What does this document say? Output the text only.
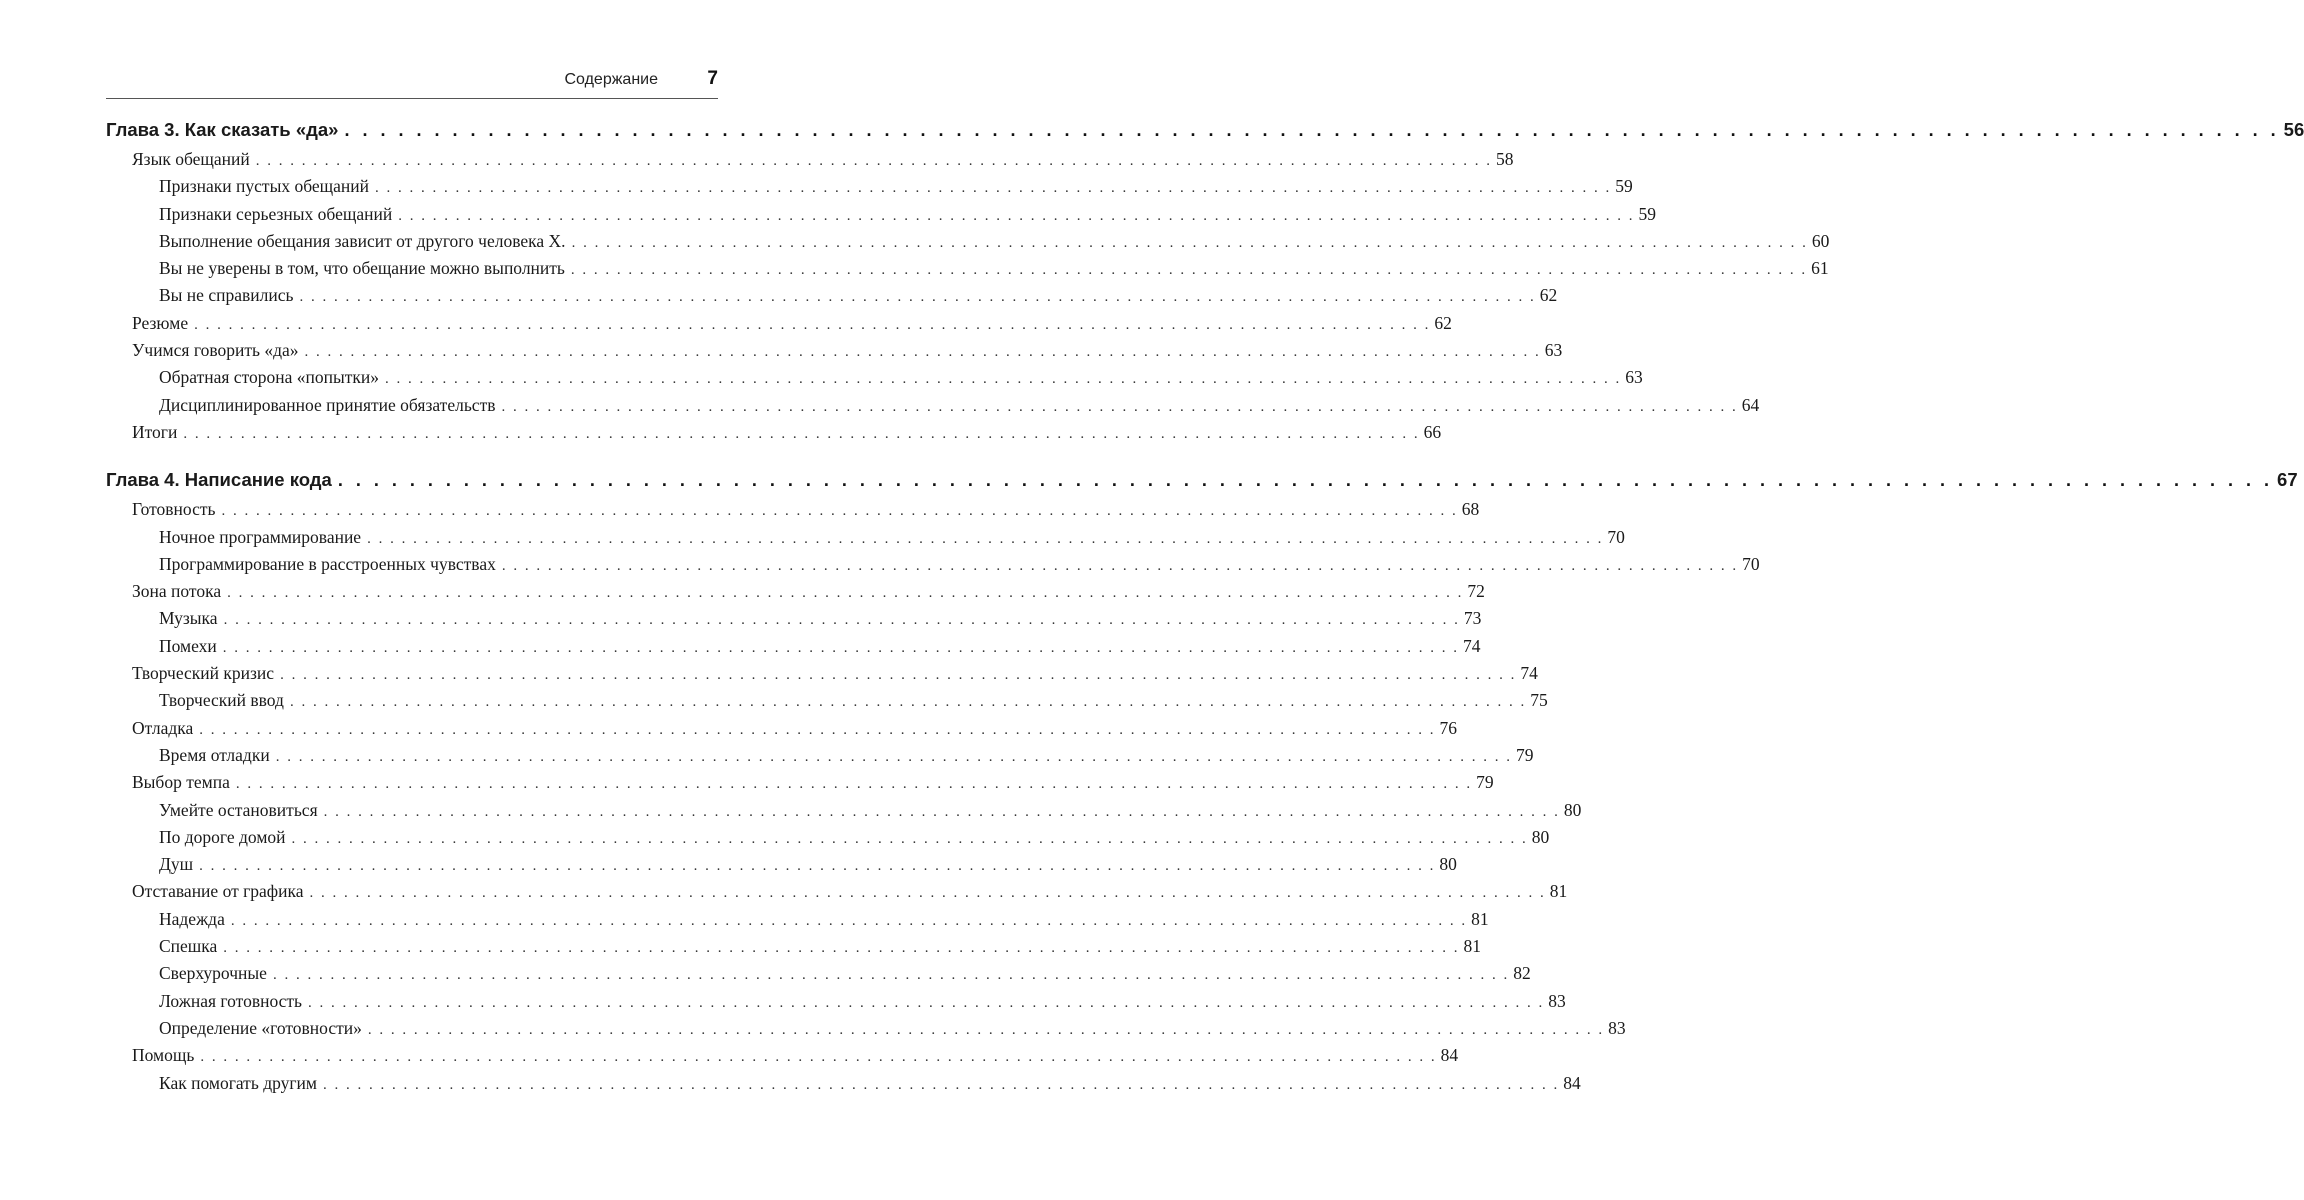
Содержание	7
Глава 3. Как сказать «да» . . . . . . . . . . . . . . . . . . . . . . . . . . . . . . . . . . . . . . . . . . . . . . . . . . . . . . . . . . . . . . . . . . . . . . . . . . . . . . . . . . . . . . . . . . . . . . . . . . . . . . . . . . . . 56
Язык обещаний . . . . . . . . . . . . . . . . . . . . . . . . . . . . . . . . . . . . . . . . . . . . . . . . . . . . . . . . . . . . . . . . . . . . . . . . . . . . . . . . . . . . . . . . . . . . . . . . . . . . . . . . . . . . 58
Признаки пустых обещаний . . . . . . . . . . . . . . . . . . . . . . . . . . . . . . . . . . . . . . . . . . . . . . . . . . . . . . . . . . . . . . . . . . . . . . . . . . . . . . . . . . . . . . . . . . . . . . . . . . . . . . . . . . . . 59
Признаки серьезных обещаний . . . . . . . . . . . . . . . . . . . . . . . . . . . . . . . . . . . . . . . . . . . . . . . . . . . . . . . . . . . . . . . . . . . . . . . . . . . . . . . . . . . . . . . . . . . . . . . . . . . . . . . . . . . . 59
Выполнение обещания зависит от другого человека X. . . . . . . . . . . . . . . . . . . . . . . . . . . . . . . . . . . . . . . . . . . . . . . . . . . . . . . . . . . . . . . . . . . . . . . . . . . . . . . . . . . . . . . . . . . . . . . . . . . . . . . . . . . . . 60
Вы не уверены в том, что обещание можно выполнить . . . . . . . . . . . . . . . . . . . . . . . . . . . . . . . . . . . . . . . . . . . . . . . . . . . . . . . . . . . . . . . . . . . . . . . . . . . . . . . . . . . . . . . . . . . . . . . . . . . . . . . . . . . . 61
Вы не справились . . . . . . . . . . . . . . . . . . . . . . . . . . . . . . . . . . . . . . . . . . . . . . . . . . . . . . . . . . . . . . . . . . . . . . . . . . . . . . . . . . . . . . . . . . . . . . . . . . . . . . . . . . . . 62
Резюме . . . . . . . . . . . . . . . . . . . . . . . . . . . . . . . . . . . . . . . . . . . . . . . . . . . . . . . . . . . . . . . . . . . . . . . . . . . . . . . . . . . . . . . . . . . . . . . . . . . . . . . . . . . . 62
Учимся говорить «да» . . . . . . . . . . . . . . . . . . . . . . . . . . . . . . . . . . . . . . . . . . . . . . . . . . . . . . . . . . . . . . . . . . . . . . . . . . . . . . . . . . . . . . . . . . . . . . . . . . . . . . . . . . . . 63
Обратная сторона «попытки» . . . . . . . . . . . . . . . . . . . . . . . . . . . . . . . . . . . . . . . . . . . . . . . . . . . . . . . . . . . . . . . . . . . . . . . . . . . . . . . . . . . . . . . . . . . . . . . . . . . . . . . . . . . . 63
Дисциплинированное принятие обязательств . . . . . . . . . . . . . . . . . . . . . . . . . . . . . . . . . . . . . . . . . . . . . . . . . . . . . . . . . . . . . . . . . . . . . . . . . . . . . . . . . . . . . . . . . . . . . . . . . . . . . . . . . . . . 64
Итоги . . . . . . . . . . . . . . . . . . . . . . . . . . . . . . . . . . . . . . . . . . . . . . . . . . . . . . . . . . . . . . . . . . . . . . . . . . . . . . . . . . . . . . . . . . . . . . . . . . . . . . . . . . . . 66
Глава 4. Написание кода . . . . . . . . . . . . . . . . . . . . . . . . . . . . . . . . . . . . . . . . . . . . . . . . . . . . . . . . . . . . . . . . . . . . . . . . . . . . . . . . . . . . . . . . . . . . . . . . . . . . . . . . . . . . 67
Готовность . . . . . . . . . . . . . . . . . . . . . . . . . . . . . . . . . . . . . . . . . . . . . . . . . . . . . . . . . . . . . . . . . . . . . . . . . . . . . . . . . . . . . . . . . . . . . . . . . . . . . . . . . . . . 68
Ночное программирование . . . . . . . . . . . . . . . . . . . . . . . . . . . . . . . . . . . . . . . . . . . . . . . . . . . . . . . . . . . . . . . . . . . . . . . . . . . . . . . . . . . . . . . . . . . . . . . . . . . . . . . . . . . . 70
Программирование в расстроенных чувствах . . . . . . . . . . . . . . . . . . . . . . . . . . . . . . . . . . . . . . . . . . . . . . . . . . . . . . . . . . . . . . . . . . . . . . . . . . . . . . . . . . . . . . . . . . . . . . . . . . . . . . . . . . . . 70
Зона потока . . . . . . . . . . . . . . . . . . . . . . . . . . . . . . . . . . . . . . . . . . . . . . . . . . . . . . . . . . . . . . . . . . . . . . . . . . . . . . . . . . . . . . . . . . . . . . . . . . . . . . . . . . . . 72
Музыка . . . . . . . . . . . . . . . . . . . . . . . . . . . . . . . . . . . . . . . . . . . . . . . . . . . . . . . . . . . . . . . . . . . . . . . . . . . . . . . . . . . . . . . . . . . . . . . . . . . . . . . . . . . . 73
Помехи . . . . . . . . . . . . . . . . . . . . . . . . . . . . . . . . . . . . . . . . . . . . . . . . . . . . . . . . . . . . . . . . . . . . . . . . . . . . . . . . . . . . . . . . . . . . . . . . . . . . . . . . . . . . 74
Творческий кризис . . . . . . . . . . . . . . . . . . . . . . . . . . . . . . . . . . . . . . . . . . . . . . . . . . . . . . . . . . . . . . . . . . . . . . . . . . . . . . . . . . . . . . . . . . . . . . . . . . . . . . . . . . . . 74
Творческий ввод . . . . . . . . . . . . . . . . . . . . . . . . . . . . . . . . . . . . . . . . . . . . . . . . . . . . . . . . . . . . . . . . . . . . . . . . . . . . . . . . . . . . . . . . . . . . . . . . . . . . . . . . . . . . 75
Отладка . . . . . . . . . . . . . . . . . . . . . . . . . . . . . . . . . . . . . . . . . . . . . . . . . . . . . . . . . . . . . . . . . . . . . . . . . . . . . . . . . . . . . . . . . . . . . . . . . . . . . . . . . . . . 76
Время отладки . . . . . . . . . . . . . . . . . . . . . . . . . . . . . . . . . . . . . . . . . . . . . . . . . . . . . . . . . . . . . . . . . . . . . . . . . . . . . . . . . . . . . . . . . . . . . . . . . . . . . . . . . . . . 79
Выбор темпа . . . . . . . . . . . . . . . . . . . . . . . . . . . . . . . . . . . . . . . . . . . . . . . . . . . . . . . . . . . . . . . . . . . . . . . . . . . . . . . . . . . . . . . . . . . . . . . . . . . . . . . . . . . . 79
Умейте остановиться . . . . . . . . . . . . . . . . . . . . . . . . . . . . . . . . . . . . . . . . . . . . . . . . . . . . . . . . . . . . . . . . . . . . . . . . . . . . . . . . . . . . . . . . . . . . . . . . . . . . . . . . . . . . 80
По дороге домой . . . . . . . . . . . . . . . . . . . . . . . . . . . . . . . . . . . . . . . . . . . . . . . . . . . . . . . . . . . . . . . . . . . . . . . . . . . . . . . . . . . . . . . . . . . . . . . . . . . . . . . . . . . . 80
Душ . . . . . . . . . . . . . . . . . . . . . . . . . . . . . . . . . . . . . . . . . . . . . . . . . . . . . . . . . . . . . . . . . . . . . . . . . . . . . . . . . . . . . . . . . . . . . . . . . . . . . . . . . . . . 80
Отставание от графика . . . . . . . . . . . . . . . . . . . . . . . . . . . . . . . . . . . . . . . . . . . . . . . . . . . . . . . . . . . . . . . . . . . . . . . . . . . . . . . . . . . . . . . . . . . . . . . . . . . . . . . . . . . . 81
Надежда . . . . . . . . . . . . . . . . . . . . . . . . . . . . . . . . . . . . . . . . . . . . . . . . . . . . . . . . . . . . . . . . . . . . . . . . . . . . . . . . . . . . . . . . . . . . . . . . . . . . . . . . . . . . 81
Спешка . . . . . . . . . . . . . . . . . . . . . . . . . . . . . . . . . . . . . . . . . . . . . . . . . . . . . . . . . . . . . . . . . . . . . . . . . . . . . . . . . . . . . . . . . . . . . . . . . . . . . . . . . . . . 81
Сверхурочные . . . . . . . . . . . . . . . . . . . . . . . . . . . . . . . . . . . . . . . . . . . . . . . . . . . . . . . . . . . . . . . . . . . . . . . . . . . . . . . . . . . . . . . . . . . . . . . . . . . . . . . . . . . . 82
Ложная готовность . . . . . . . . . . . . . . . . . . . . . . . . . . . . . . . . . . . . . . . . . . . . . . . . . . . . . . . . . . . . . . . . . . . . . . . . . . . . . . . . . . . . . . . . . . . . . . . . . . . . . . . . . . . . 83
Определение «готовности» . . . . . . . . . . . . . . . . . . . . . . . . . . . . . . . . . . . . . . . . . . . . . . . . . . . . . . . . . . . . . . . . . . . . . . . . . . . . . . . . . . . . . . . . . . . . . . . . . . . . . . . . . . . . 83
Помощь . . . . . . . . . . . . . . . . . . . . . . . . . . . . . . . . . . . . . . . . . . . . . . . . . . . . . . . . . . . . . . . . . . . . . . . . . . . . . . . . . . . . . . . . . . . . . . . . . . . . . . . . . . . . 84
Как помогать другим . . . . . . . . . . . . . . . . . . . . . . . . . . . . . . . . . . . . . . . . . . . . . . . . . . . . . . . . . . . . . . . . . . . . . . . . . . . . . . . . . . . . . . . . . . . . . . . . . . . . . . . . . . . . 84
